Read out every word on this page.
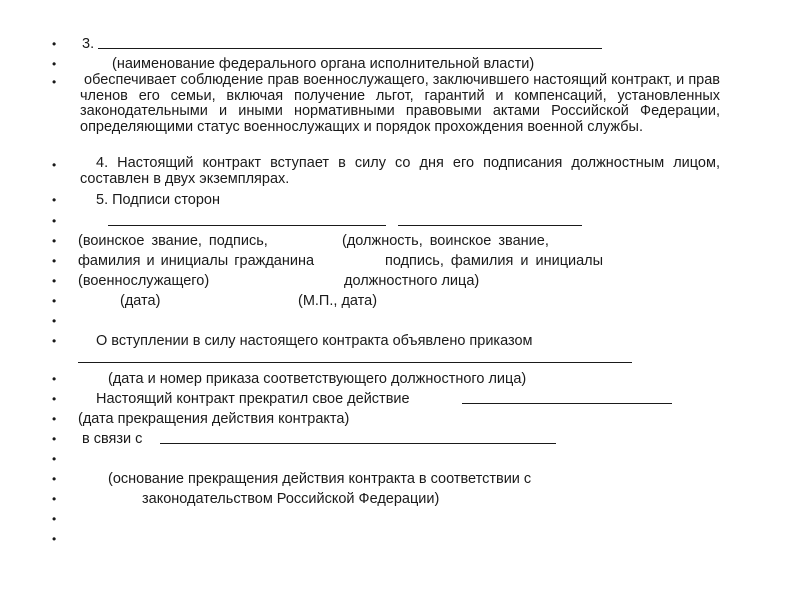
• 3.
•	(наименование федерального органа исполнительной власти)
• обеспечивает соблюдение прав военнослужащего, заключившего настоящий контракт, и прав членов его семьи, включая получение льгот, гарантий и компенсаций, установленных законодательными и иными нормативными правовыми актами Российской Федерации, определяющими статус военнослужащих и порядок прохождения военной службы.
•	4. Настоящий контракт вступает в силу со дня его подписания должностным лицом, составлен в двух экземплярах.
•	5. Подписи сторон
•
• (воинское звание, подпись,	(должность, воинское звание,
• фамилия и инициалы гражданина	подпись, фамилия и инициалы
• (военнослужащего)	должностного лица)
•	(дата)	(М.П., дата)
•
•	О вступлении в силу настоящего контракта объявлено приказом
•	(дата и номер приказа соответствующего должностного лица)
•	Настоящий контракт прекратил свое действие
• (дата прекращения действия контракта)
• в связи с
•
•	(основание прекращения действия контракта в соответствии с
•	законодательством Российской Федерации)
•
•
